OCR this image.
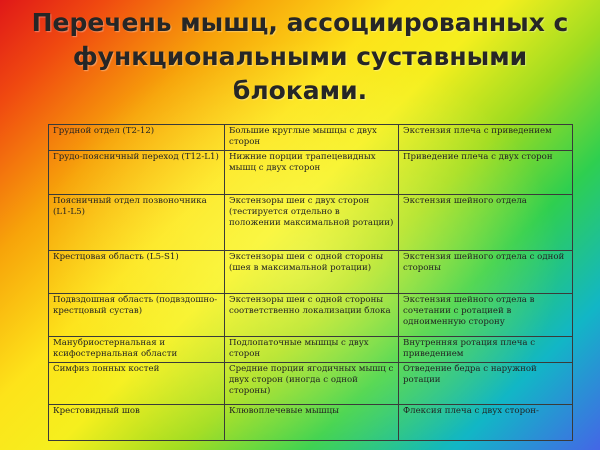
Перечень мышц, ассоциированных с функциональными суставными блоками.
Грудной отдел (Т2-12)	Большие круглые мышцы с двух сторон	Экстензия плеча с приведением
Грудо-поясничный переход (Т12-L1)	Нижние порции трапецевидных мышц с двух сторон	Приведение плеча с двух сторон
Поясничный отдел позвоночника (L1-L5)	Экстензоры шеи с двух сторон (тестируется отдельно в положении максимальной ротации)	Экстензия шейного отдела
Крестцовая область (L5-S1)	Экстензоры шеи с одной стороны (шея в максимальной ротации)	Экстензия шейного отдела с одной стороны
Подвздошная область (подвздошно-крестцовый сустав)	Экстензоры шеи с одной стороны соответственно локализации блока	Экстензия шейного отдела в сочетании с ротацией в одноименную сторону
Манубриостернальная и ксифостернальная области	Подлопаточные мышцы с двух сторон	Внутренняя ротация плеча с приведением
Симфиз лонных костей	Средние порции ягодичных мышц с двух сторон (иногда с одной стороны)	Отведение бедра с наружной ротации
Крестовидный шов	Клювоплечевые мышцы	Флексия плеча с двух сторон-
